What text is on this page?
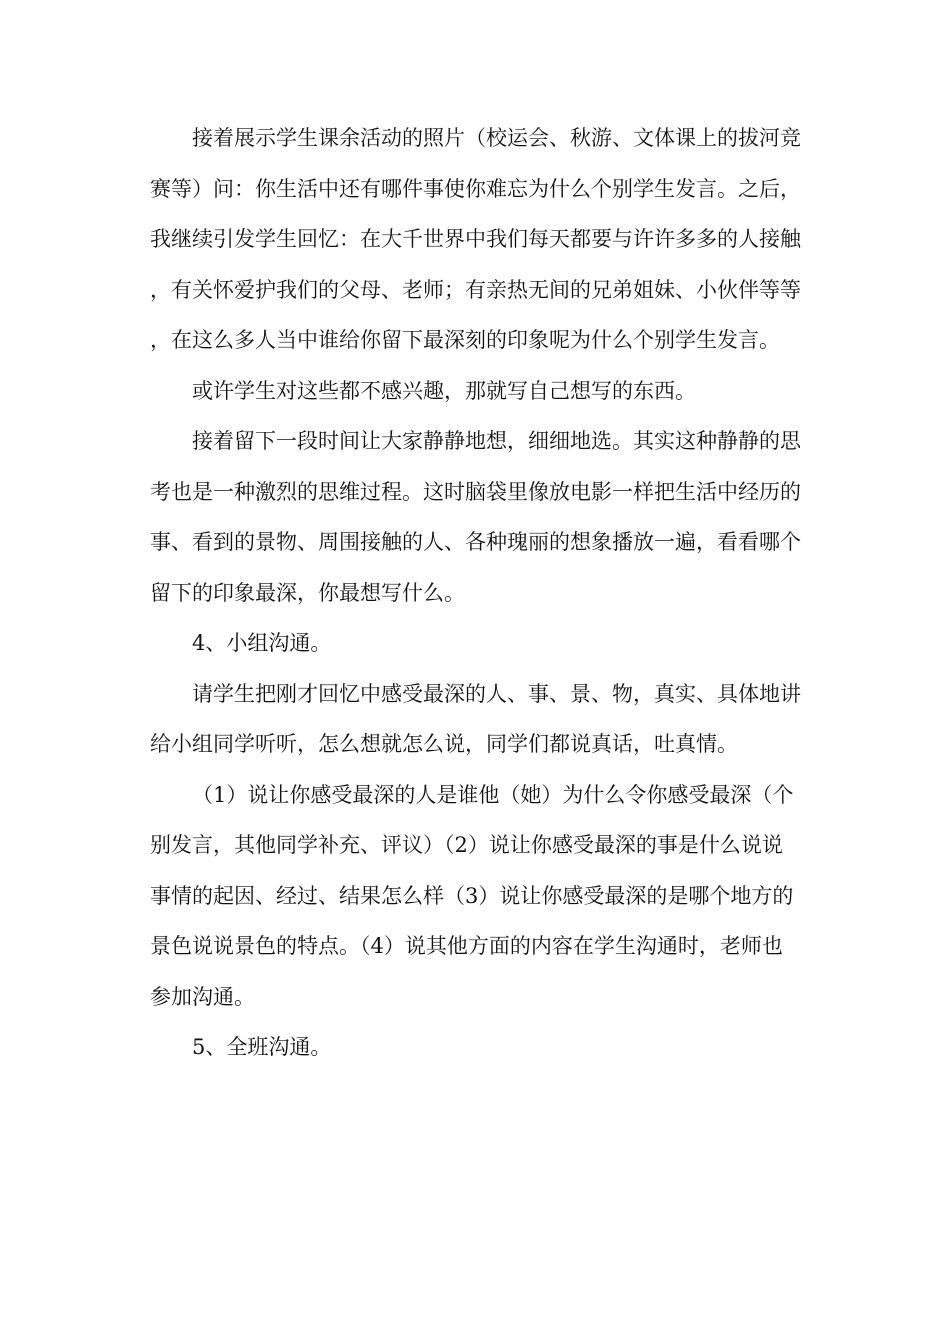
接着展示学生课余活动的照片（校运会、秋游、文体课上的拔河竞赛等）问：你生活中还有哪件事使你难忘为什么个别学生发言。之后，我继续引发学生回忆：在大千世界中我们每天都要与许许多多的人接触，有关怀爱护我们的父母、老师；有亲热无间的兄弟姐妹、小伙伴等等，在这么多人当中谁给你留下最深刻的印象呢为什么个别学生发言。

或许学生对这些都不感兴趣，那就写自己想写的东西。

接着留下一段时间让大家静静地想，细细地选。其实这种静静的思考也是一种激烈的思维过程。这时脑袋里像放电影一样把生活中经历的事、看到的景物、周围接触的人、各种瑰丽的想象播放一遍，看看哪个留下的印象最深，你最想写什么。

4、小组沟通。

请学生把刚才回忆中感受最深的人、事、景、物，真实、具体地讲给小组同学听听，怎么想就怎么说，同学们都说真话，吐真情。

（1）说让你感受最深的人是谁他（她）为什么令你感受最深（个别发言，其他同学补充、评议）（2）说让你感受最深的事是什么说说事情的起因、经过、结果怎么样（3）说让你感受最深的是哪个地方的景色说说景色的特点。（4）说其他方面的内容在学生沟通时，老师也参加沟通。

5、全班沟通。
